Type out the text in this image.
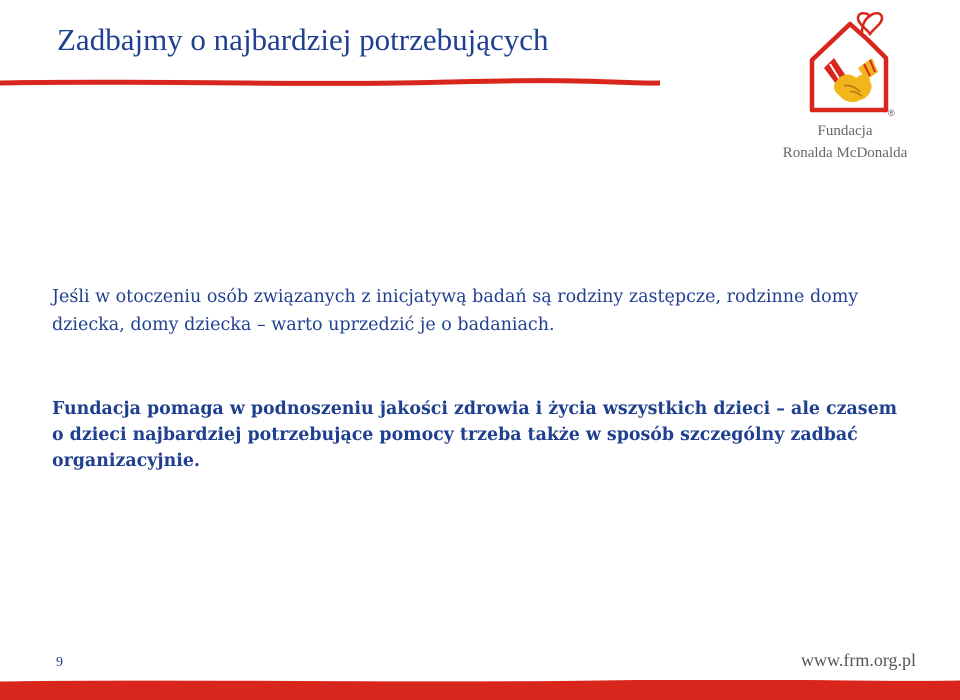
Zadbajmy o najbardziej potrzebujących
®
Fundacja
Ronalda McDonalda

Jeśli w otoczeniu osób związanych z inicjatywą badań są rodziny zastępcze, rodzinne domy dziecka, domy dziecka – warto uprzedzić je o badaniach.

Fundacja pomaga w podnoszeniu jakości zdrowia i życia wszystkich dzieci – ale czasem o dzieci najbardziej potrzebujące pomocy trzeba także w sposób szczególny zadbać organizacyjnie.

9	www.frm.org.pl
